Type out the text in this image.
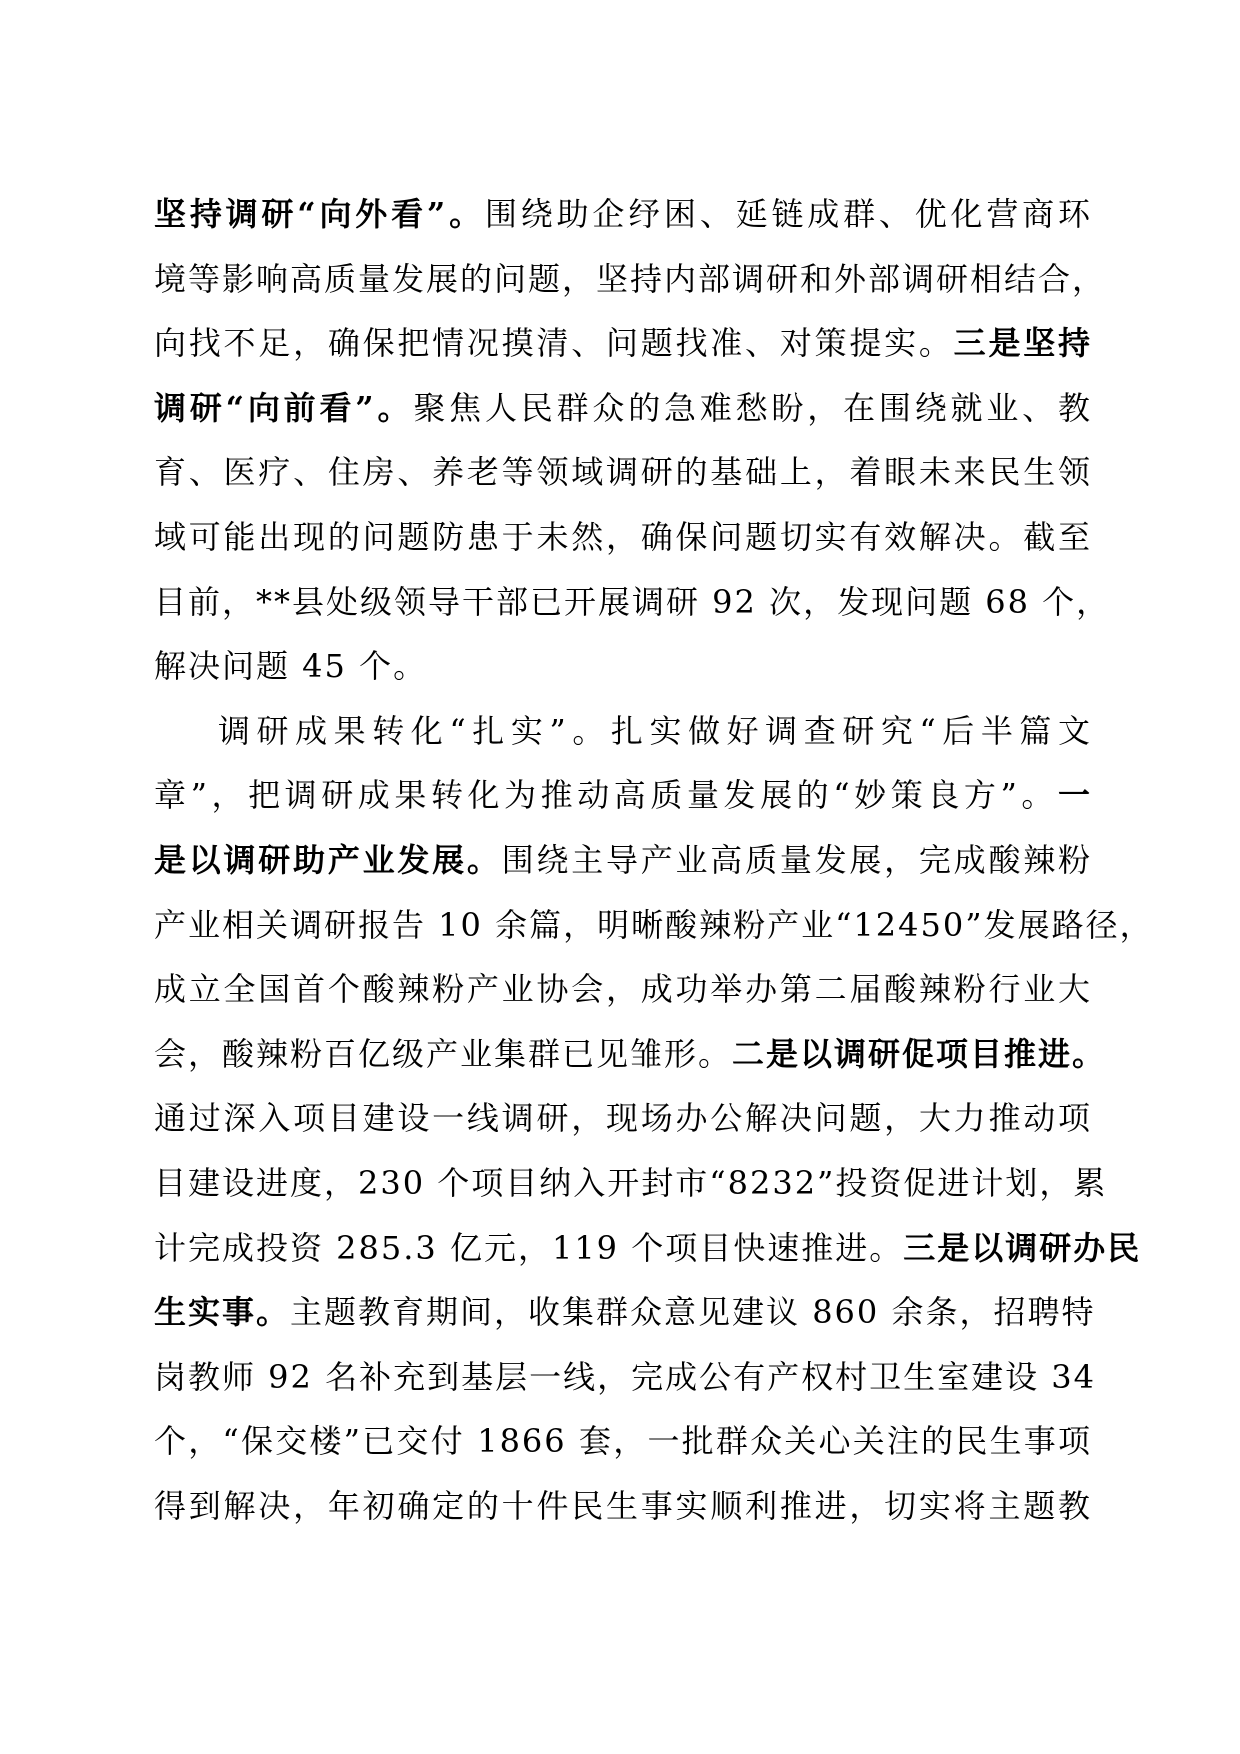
坚持调研“向外看”。围绕助企纾困、延链成群、优化营商环
境等影响高质量发展的问题，坚持内部调研和外部调研相结合，
向找不足，确保把情况摸清、问题找准、对策提实。三是坚持
调研“向前看”。聚焦人民群众的急难愁盼，在围绕就业、教
育、医疗、住房、养老等领域调研的基础上，着眼未来民生领
域可能出现的问题防患于未然，确保问题切实有效解决。截至
目前，**县处级领导干部已开展调研 92 次，发现问题 68 个，
解决问题 45 个。
调研成果转化“扎实”。扎实做好调查研究“后半篇文
章”，把调研成果转化为推动高质量发展的“妙策良方”。一
是以调研助产业发展。围绕主导产业高质量发展，完成酸辣粉
产业相关调研报告 10 余篇，明晰酸辣粉产业“12450”发展路径，
成立全国首个酸辣粉产业协会，成功举办第二届酸辣粉行业大
会，酸辣粉百亿级产业集群已见雏形。二是以调研促项目推进。
通过深入项目建设一线调研，现场办公解决问题，大力推动项
目建设进度，230 个项目纳入开封市“8232”投资促进计划，累
计完成投资 285.3 亿元，119 个项目快速推进。三是以调研办民
生实事。主题教育期间，收集群众意见建议 860 余条，招聘特
岗教师 92 名补充到基层一线，完成公有产权村卫生室建设 34
个，“保交楼”已交付 1866 套，一批群众关心关注的民生事项
得到解决，年初确定的十件民生事实顺利推进，切实将主题教
